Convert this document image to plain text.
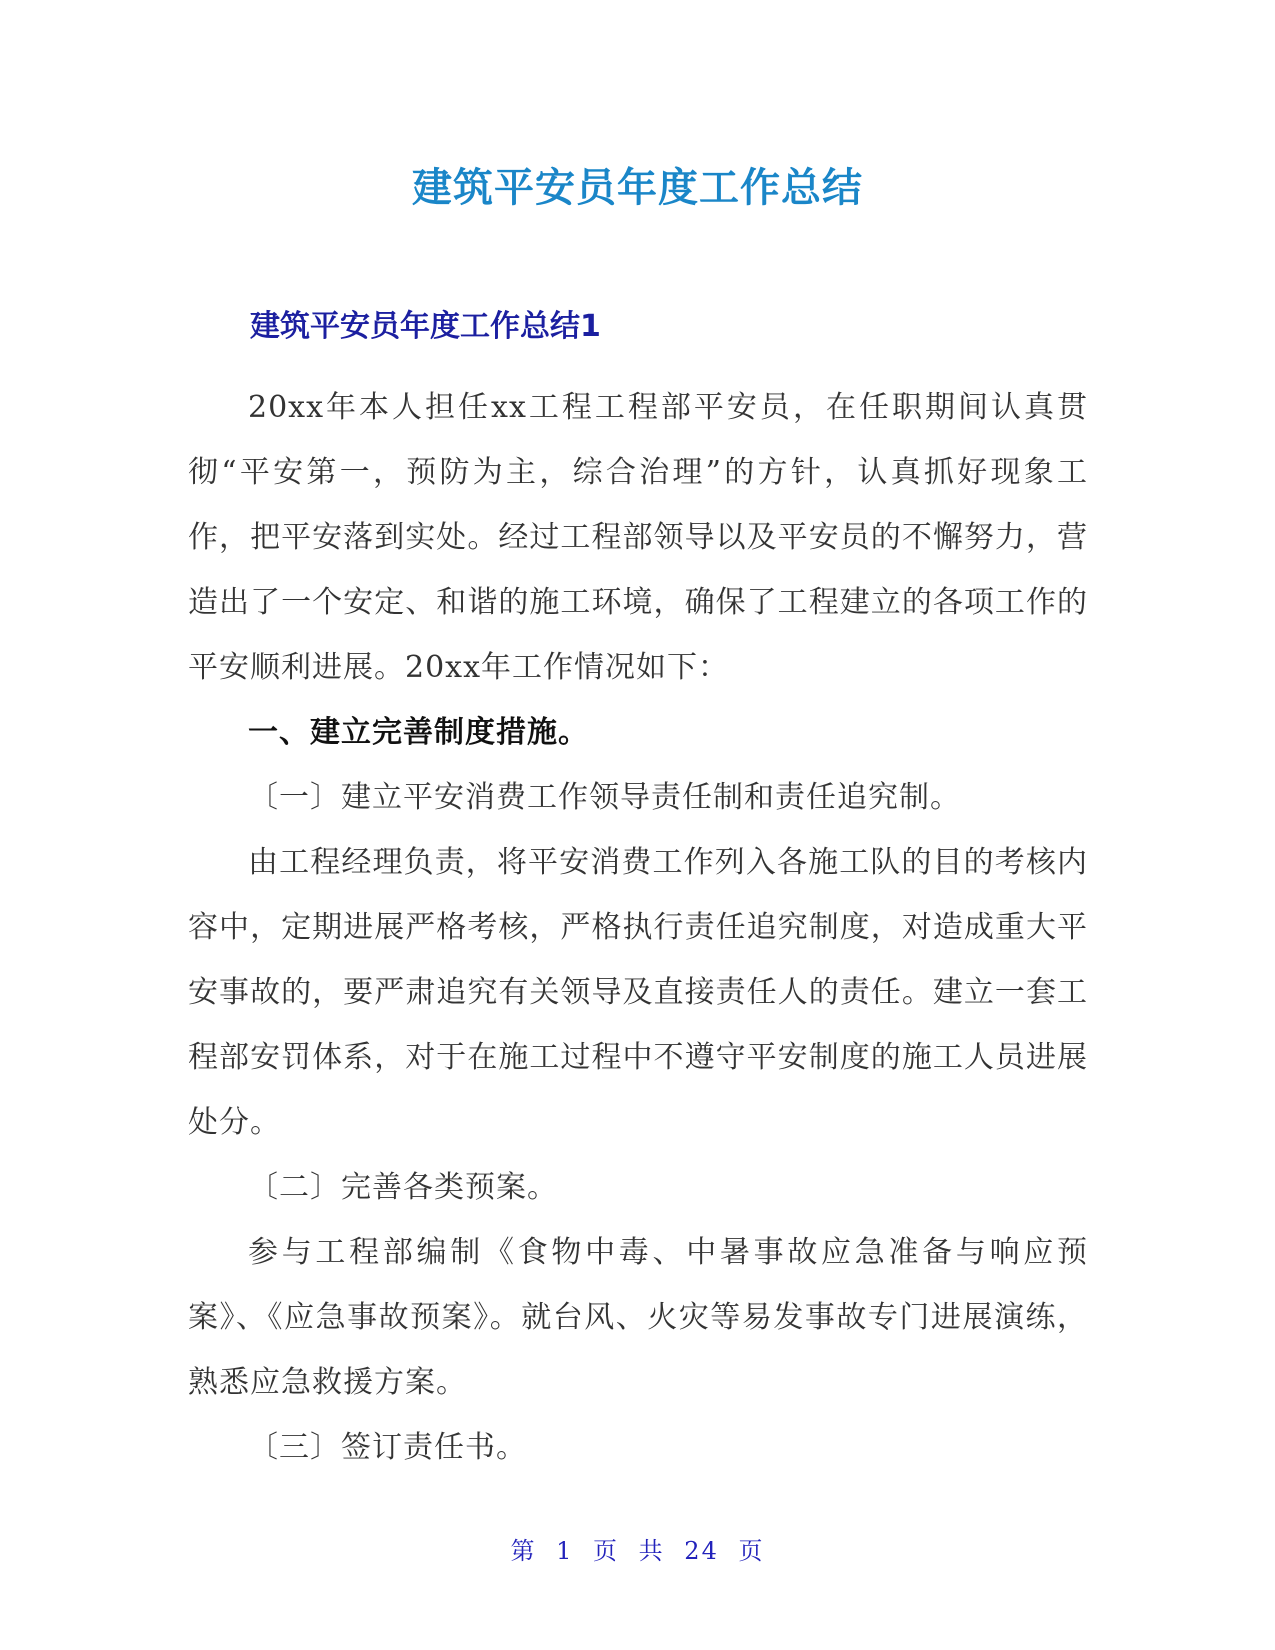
建筑平安员年度工作总结
建筑平安员年度工作总结1

20xx年本人担任xx工程工程部平安员，在任职期间认真贯彻“平安第一，预防为主，综合治理”的方针，认真抓好现象工作，把平安落到实处。经过工程部领导以及平安员的不懈努力，营造出了一个安定、和谐的施工环境，确保了工程建立的各项工作的平安顺利进展。20xx年工作情况如下：

一、建立完善制度措施。

〔一〕建立平安消费工作领导责任制和责任追究制。

由工程经理负责，将平安消费工作列入各施工队的目的考核内容中，定期进展严格考核，严格执行责任追究制度，对造成重大平安事故的，要严肃追究有关领导及直接责任人的责任。建立一套工程部安罚体系，对于在施工过程中不遵守平安制度的施工人员进展处分。

〔二〕完善各类预案。

参与工程部编制《食物中毒、中暑事故应急准备与响应预案》、《应急事故预案》。就台风、火灾等易发事故专门进展演练，熟悉应急救援方案。

〔三〕签订责任书。

第 1 页 共 24 页
